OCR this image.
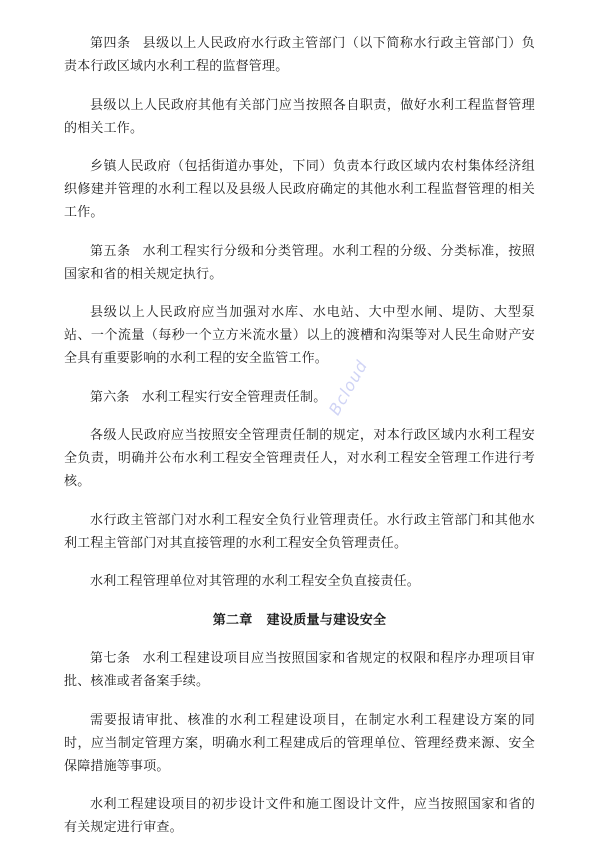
第四条 县级以上人民政府水行政主管部门（以下简称水行政主管部门）负责本行政区域内水利工程的监督管理。

县级以上人民政府其他有关部门应当按照各自职责，做好水利工程监督管理的相关工作。

乡镇人民政府（包括街道办事处，下同）负责本行政区域内农村集体经济组织修建并管理的水利工程以及县级人民政府确定的其他水利工程监督管理的相关工作。

第五条 水利工程实行分级和分类管理。水利工程的分级、分类标准，按照国家和省的相关规定执行。

县级以上人民政府应当加强对水库、水电站、大中型水闸、堤防、大型泵站、一个流量（每秒一个立方米流水量）以上的渡槽和沟渠等对人民生命财产安全具有重要影响的水利工程的安全监管工作。

第六条 水利工程实行安全管理责任制。

各级人民政府应当按照安全管理责任制的规定，对本行政区域内水利工程安全负责，明确并公布水利工程安全管理责任人，对水利工程安全管理工作进行考核。

水行政主管部门对水利工程安全负行业管理责任。水行政主管部门和其他水利工程主管部门对其直接管理的水利工程安全负管理责任。

水利工程管理单位对其管理的水利工程安全负直接责任。

第二章 建设质量与建设安全

第七条 水利工程建设项目应当按照国家和省规定的权限和程序办理项目审批、核准或者备案手续。

需要报请审批、核准的水利工程建设项目，在制定水利工程建设方案的同时，应当制定管理方案，明确水利工程建成后的管理单位、管理经费来源、安全保障措施等事项。

水利工程建设项目的初步设计文件和施工图设计文件，应当按照国家和省的有关规定进行审查。

Bcloud
